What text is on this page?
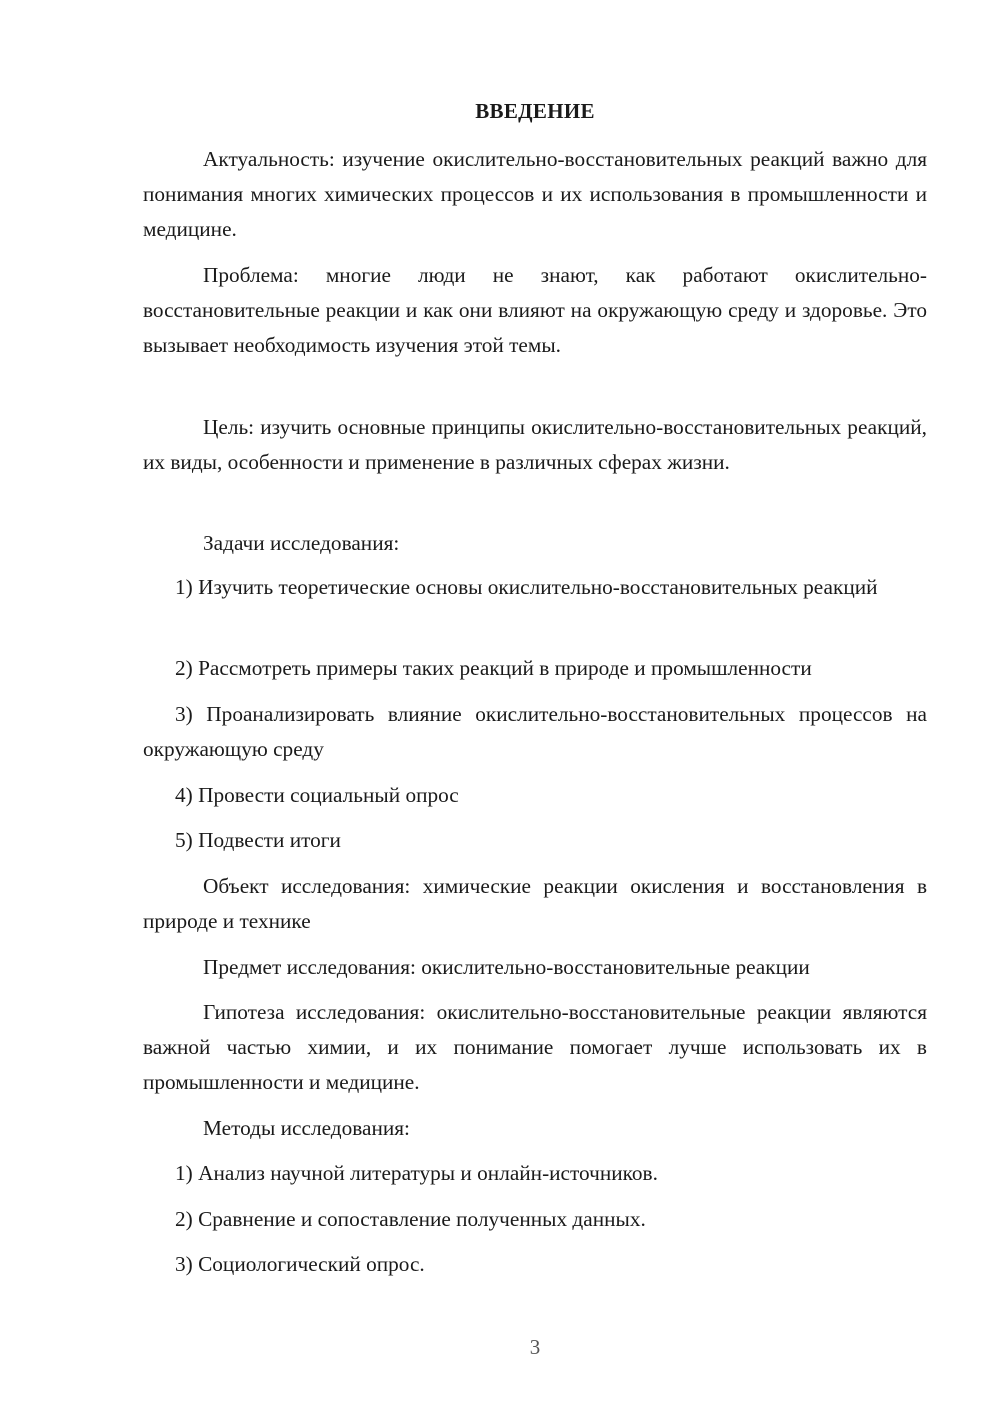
ВВЕДЕНИЕ

Актуальность: изучение окислительно-восстановительных реакций важно для понимания многих химических процессов и их использования в промышленности и медицине.

Проблема: многие люди не знают, как работают окислительно-восстановительные реакции и как они влияют на окружающую среду и здоровье. Это вызывает необходимость изучения этой темы.

Цель: изучить основные принципы окислительно-восстановительных реакций, их виды, особенности и применение в различных сферах жизни.

Задачи исследования:

1) Изучить теоретические основы окислительно-восстановительных реакций

2) Рассмотреть примеры таких реакций в природе и промышленности

3) Проанализировать влияние окислительно-восстановительных процессов на окружающую среду

4) Провести социальный опрос

5) Подвести итоги

Объект исследования: химические реакции окисления и восстановления в природе и технике

Предмет исследования: окислительно-восстановительные реакции

Гипотеза исследования: окислительно-восстановительные реакции являются важной частью химии, и их понимание помогает лучше использовать их в промышленности и медицине.

Методы исследования:

1) Анализ научной литературы и онлайн-источников.

2) Сравнение и сопоставление полученных данных.

3) Социологический опрос.

3
